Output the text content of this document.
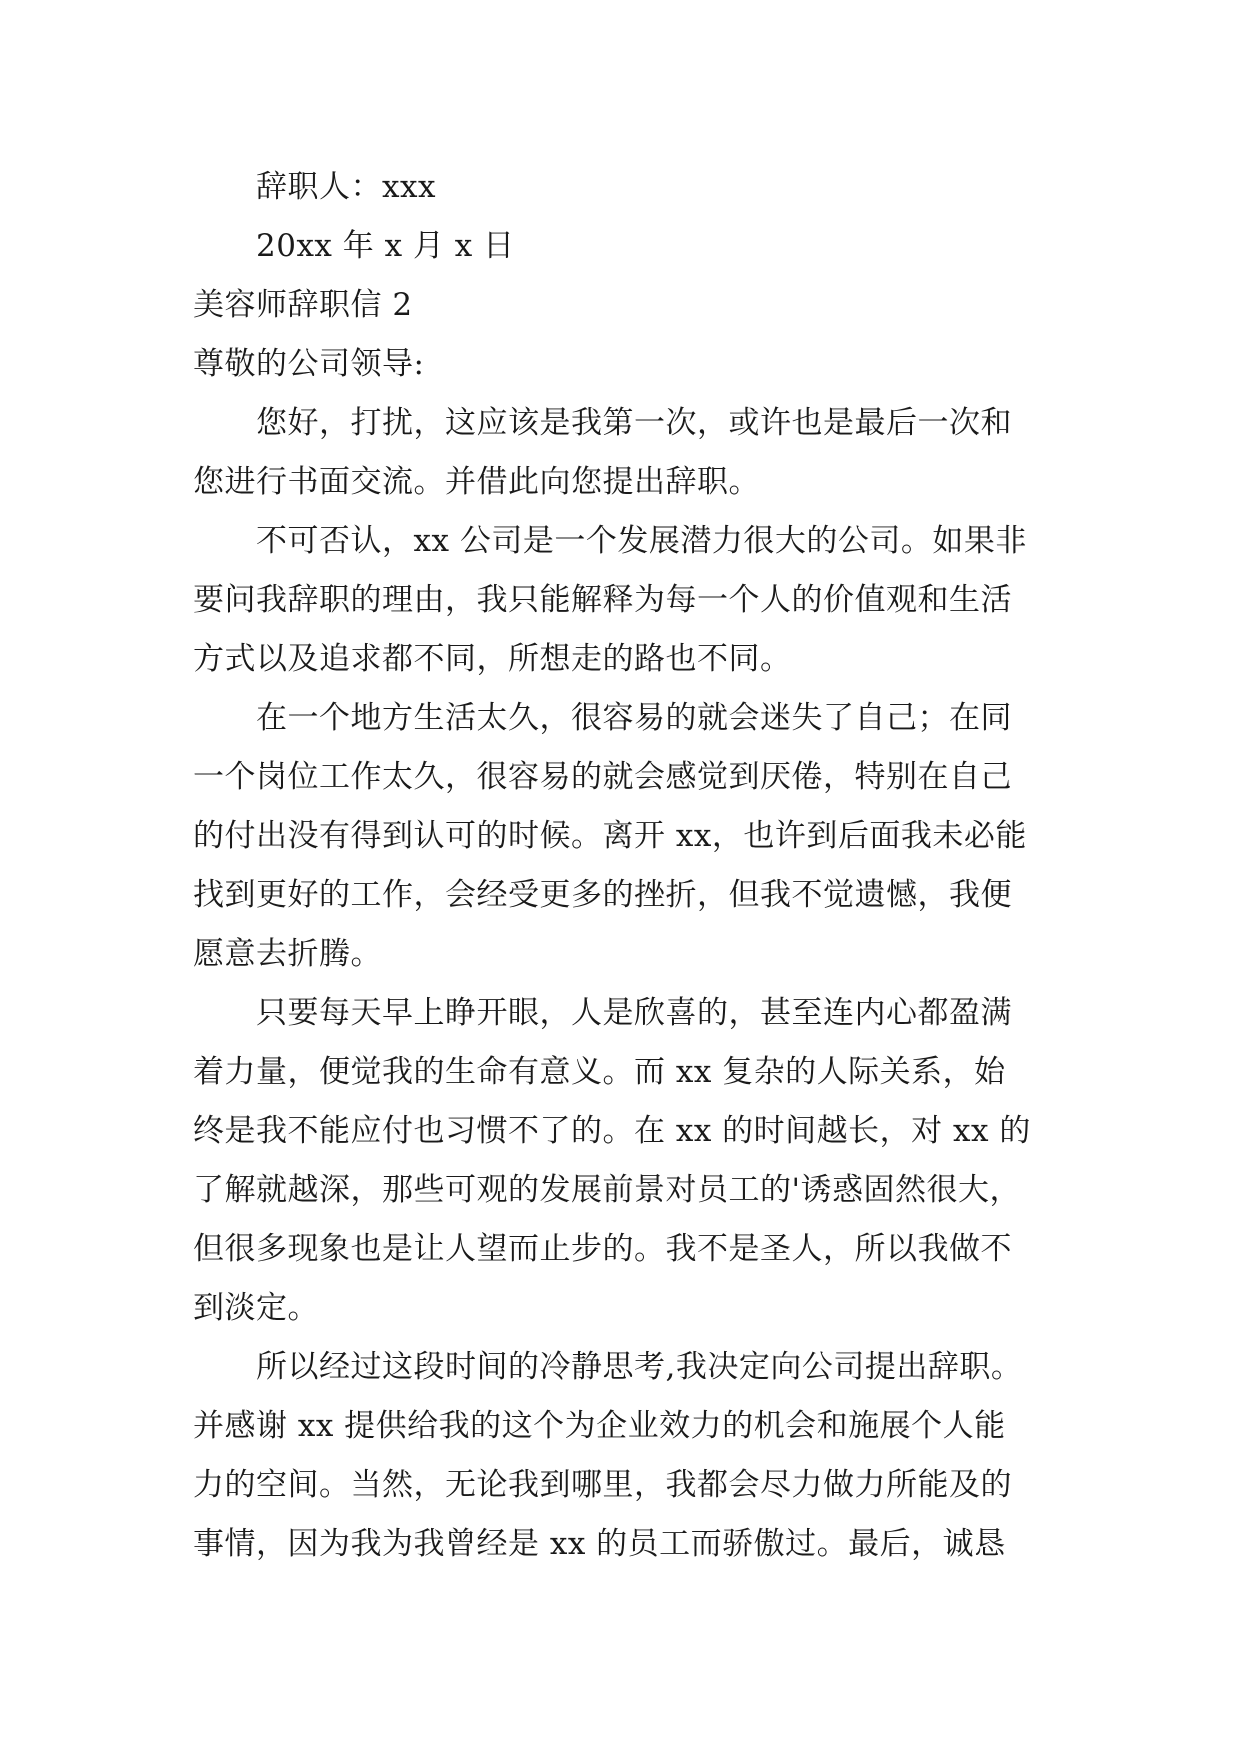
辞职人：xxx
20xx 年 x 月 x 日
美容师辞职信 2
尊敬的公司领导:
您好，打扰，这应该是我第一次，或许也是最后一次和
您进行书面交流。并借此向您提出辞职。
不可否认，xx 公司是一个发展潜力很大的公司。如果非
要问我辞职的理由，我只能解释为每一个人的价值观和生活
方式以及追求都不同，所想走的路也不同。
在一个地方生活太久，很容易的就会迷失了自己；在同
一个岗位工作太久，很容易的就会感觉到厌倦，特别在自己
的付出没有得到认可的时候。离开 xx，也许到后面我未必能
找到更好的工作，会经受更多的挫折，但我不觉遗憾，我便
愿意去折腾。
只要每天早上睁开眼，人是欣喜的，甚至连内心都盈满
着力量，便觉我的生命有意义。而 xx 复杂的人际关系，始
终是我不能应付也习惯不了的。在 xx 的时间越长，对 xx 的
了解就越深，那些可观的发展前景对员工的'诱惑固然很大，
但很多现象也是让人望而止步的。我不是圣人，所以我做不
到淡定。
所以经过这段时间的冷静思考,我决定向公司提出辞职。
并感谢 xx 提供给我的这个为企业效力的机会和施展个人能
力的空间。当然，无论我到哪里，我都会尽力做力所能及的
事情，因为我为我曾经是 xx 的员工而骄傲过。最后，诚恳
